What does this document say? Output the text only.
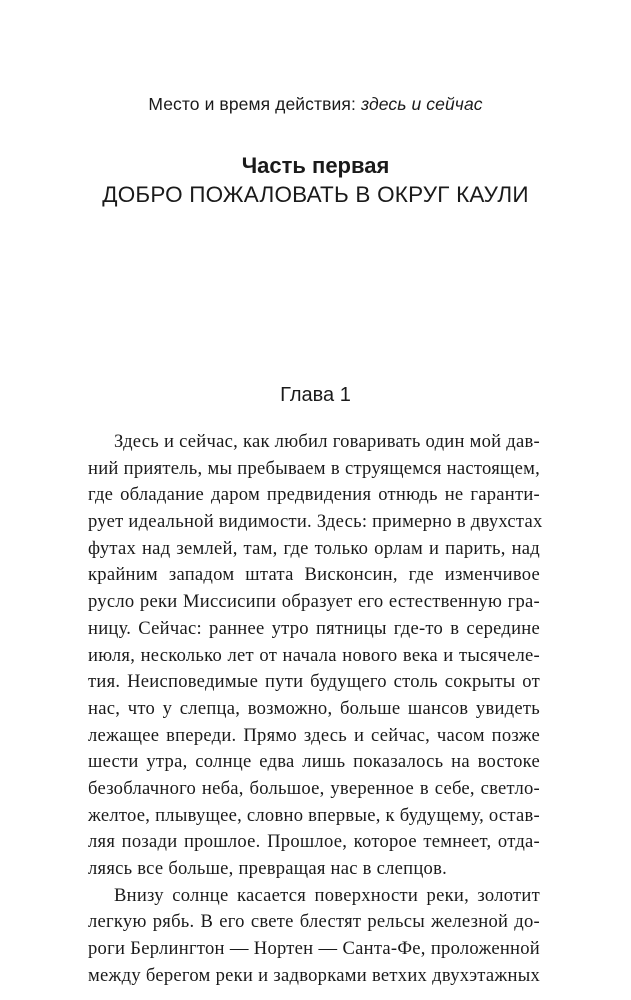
Место и время действия: здесь и сейчас
Часть первая
ДОБРО ПОЖАЛОВАТЬ В ОКРУГ КАУЛИ
Глава 1
Здесь и сейчас, как любил говаривать один мой дав-
ний приятель, мы пребываем в струящемся настоящем,
где обладание даром предвидения отнюдь не гаранти-
рует идеальной видимости. Здесь: примерно в двухстах
футах над землей, там, где только орлам и парить, над
крайним западом штата Висконсин, где изменчивое
русло реки Миссисипи образует его естественную гра-
ницу. Сейчас: раннее утро пятницы где-то в середине
июля, несколько лет от начала нового века и тысячеле-
тия. Неисповедимые пути будущего столь сокрыты от
нас, что у слепца, возможно, больше шансов увидеть
лежащее впереди. Прямо здесь и сейчас, часом позже
шести утра, солнце едва лишь показалось на востоке
безоблачного неба, большое, уверенное в себе, светло-
желтое, плывущее, словно впервые, к будущему, остав-
ляя позади прошлое. Прошлое, которое темнеет, отда-
ляясь все больше, превращая нас в слепцов.
Внизу солнце касается поверхности реки, золотит
легкую рябь. В его свете блестят рельсы железной до-
роги Берлингтон — Нортен — Санта-Фе, проложенной
между берегом реки и задворками ветхих двухэтажных
